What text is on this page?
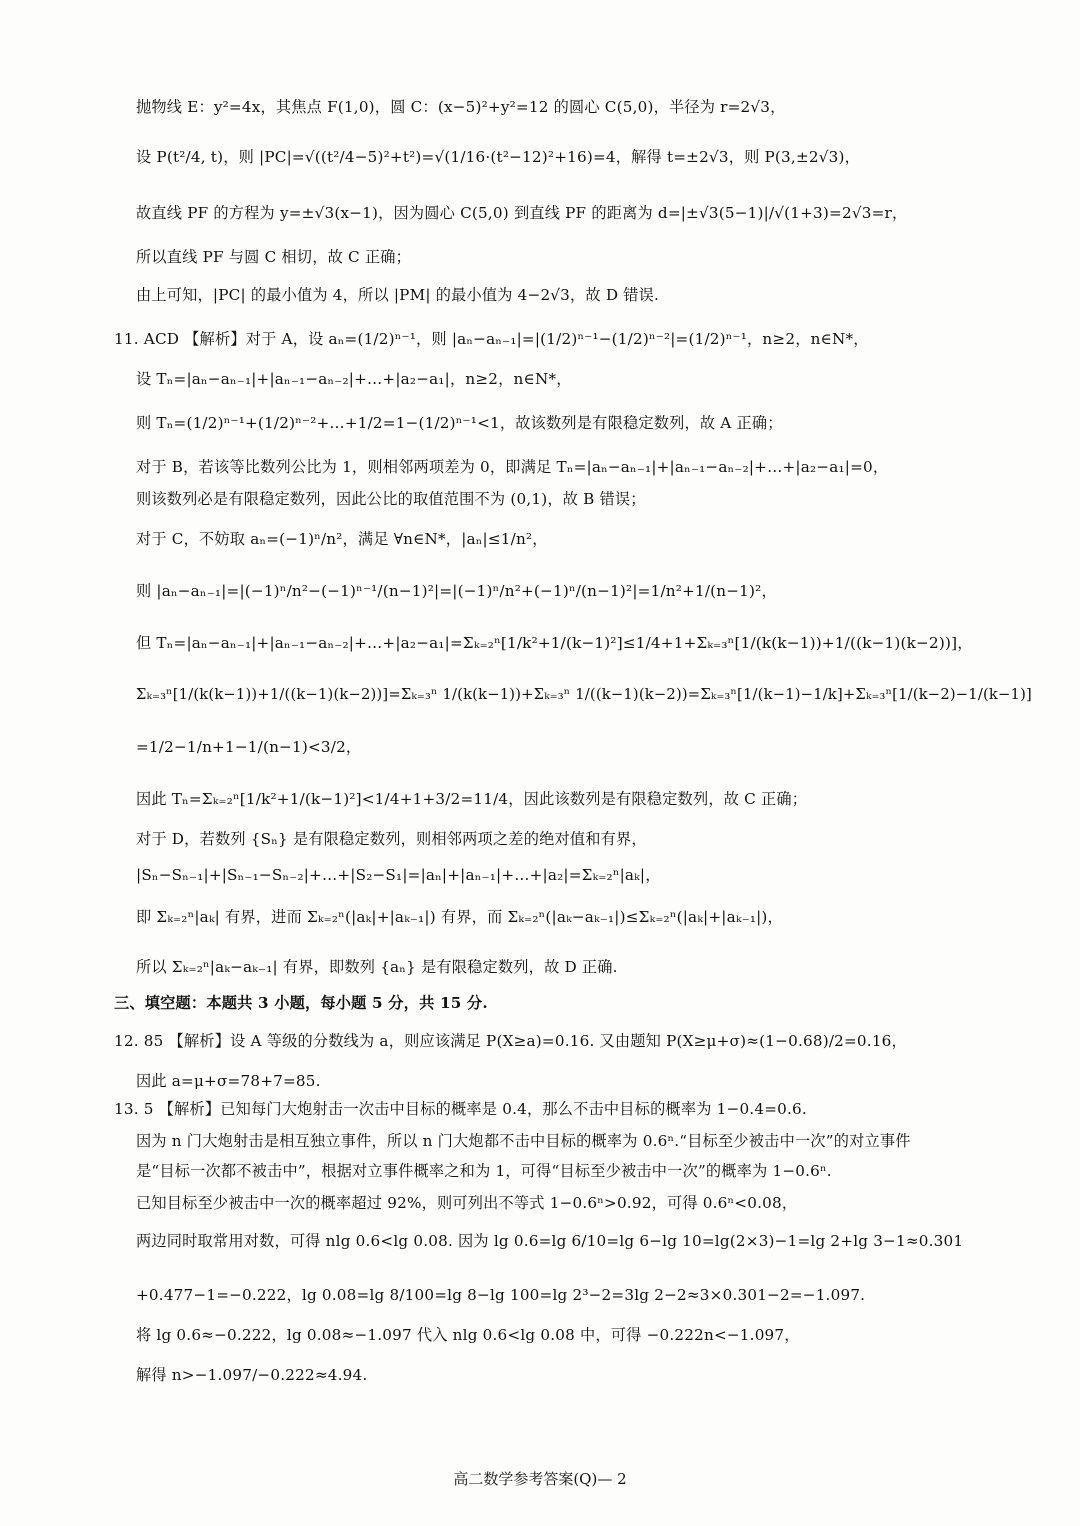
抛物线 E：y²=4x，其焦点 F(1,0)，圆 C：(x−5)²+y²=12 的圆心 C(5,0)，半径为 r=2√3，
设 P(t²/4, t)，则 |PC|=√((t²/4−5)²+t²)=√(1/16·(t²−12)²+16)=4，解得 t=±2√3，则 P(3,±2√3)，
故直线 PF 的方程为 y=±√3(x−1)，因为圆心 C(5,0) 到直线 PF 的距离为 d=|±√3(5−1)|/√(1+3)=2√3=r，
所以直线 PF 与圆 C 相切，故 C 正确；
由上可知，|PC| 的最小值为 4，所以 |PM| 的最小值为 4−2√3，故 D 错误.
11. ACD 【解析】对于 A，设 aₙ=(1/2)ⁿ⁻¹，则 |aₙ−aₙ₋₁|=|(1/2)ⁿ⁻¹−(1/2)ⁿ⁻²|=(1/2)ⁿ⁻¹，n≥2，n∈N*，
设 Tₙ=|aₙ−aₙ₋₁|+|aₙ₋₁−aₙ₋₂|+…+|a₂−a₁|，n≥2，n∈N*，
则 Tₙ=(1/2)ⁿ⁻¹+(1/2)ⁿ⁻²+…+1/2=1−(1/2)ⁿ⁻¹<1，故该数列是有限稳定数列，故 A 正确；
对于 B，若该等比数列公比为 1，则相邻两项差为 0，即满足 Tₙ=|aₙ−aₙ₋₁|+|aₙ₋₁−aₙ₋₂|+…+|a₂−a₁|=0，
则该数列必是有限稳定数列，因此公比的取值范围不为 (0,1)，故 B 错误；
对于 C，不妨取 aₙ=(−1)ⁿ/n²，满足 ∀n∈N*，|aₙ|≤1/n²，
则 |aₙ−aₙ₋₁|=|(−1)ⁿ/n²−(−1)ⁿ⁻¹/(n−1)²|=|(−1)ⁿ/n²+(−1)ⁿ/(n−1)²|=1/n²+1/(n−1)²，
但 Tₙ=|aₙ−aₙ₋₁|+|aₙ₋₁−aₙ₋₂|+…+|a₂−a₁|=Σₖ₌₂ⁿ[1/k²+1/(k−1)²]≤1/4+1+Σₖ₌₃ⁿ[1/(k(k−1))+1/((k−1)(k−2))]，
Σₖ₌₃ⁿ[1/(k(k−1))+1/((k−1)(k−2))]=Σₖ₌₃ⁿ 1/(k(k−1))+Σₖ₌₃ⁿ 1/((k−1)(k−2))=Σₖ₌₃ⁿ[1/(k−1)−1/k]+Σₖ₌₃ⁿ[1/(k−2)−1/(k−1)]
=1/2−1/n+1−1/(n−1)<3/2，
因此 Tₙ=Σₖ₌₂ⁿ[1/k²+1/(k−1)²]<1/4+1+3/2=11/4，因此该数列是有限稳定数列，故 C 正确；
对于 D，若数列 {Sₙ} 是有限稳定数列，则相邻两项之差的绝对值和有界，
|Sₙ−Sₙ₋₁|+|Sₙ₋₁−Sₙ₋₂|+…+|S₂−S₁|=|aₙ|+|aₙ₋₁|+…+|a₂|=Σₖ₌₂ⁿ|aₖ|，
即 Σₖ₌₂ⁿ|aₖ| 有界，进而 Σₖ₌₂ⁿ(|aₖ|+|aₖ₋₁|) 有界，而 Σₖ₌₂ⁿ(|aₖ−aₖ₋₁|)≤Σₖ₌₂ⁿ(|aₖ|+|aₖ₋₁|)，
所以 Σₖ₌₂ⁿ|aₖ−aₖ₋₁| 有界，即数列 {aₙ} 是有限稳定数列，故 D 正确.
三、填空题：本题共 3 小题，每小题 5 分，共 15 分.
12. 85 【解析】设 A 等级的分数线为 a，则应该满足 P(X≥a)=0.16. 又由题知 P(X≥μ+σ)≈(1−0.68)/2=0.16，
因此 a=μ+σ=78+7=85.
13. 5 【解析】已知每门大炮射击一次击中目标的概率是 0.4，那么不击中目标的概率为 1−0.4=0.6.
因为 n 门大炮射击是相互独立事件，所以 n 门大炮都不击中目标的概率为 0.6ⁿ.“目标至少被击中一次”的对立事件
是“目标一次都不被击中”，根据对立事件概率之和为 1，可得“目标至少被击中一次”的概率为 1−0.6ⁿ.
已知目标至少被击中一次的概率超过 92%，则可列出不等式 1−0.6ⁿ>0.92，可得 0.6ⁿ<0.08，
两边同时取常用对数，可得 nlg 0.6<lg 0.08. 因为 lg 0.6=lg 6/10=lg 6−lg 10=lg(2×3)−1=lg 2+lg 3−1≈0.301
+0.477−1=−0.222，lg 0.08=lg 8/100=lg 8−lg 100=lg 2³−2=3lg 2−2≈3×0.301−2=−1.097.
将 lg 0.6≈−0.222，lg 0.08≈−1.097 代入 nlg 0.6<lg 0.08 中，可得 −0.222n<−1.097，
解得 n>−1.097/−0.222≈4.94.
高二数学参考答案(Q)— 2
